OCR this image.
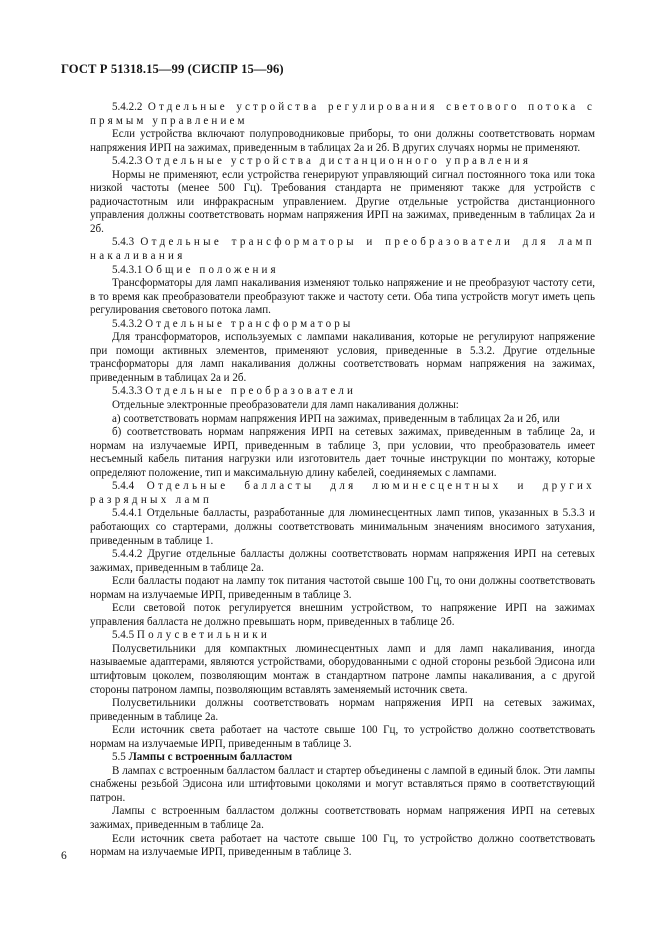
ГОСТ Р 51318.15—99 (СИСПР 15—96)

5.4.2.2 Отдельные устройства регулирования светового потока с прямым управлением

Если устройства включают полупроводниковые приборы, то они должны соответствовать нормам напряжения ИРП на зажимах, приведенным в таблицах 2а и 2б. В других случаях нормы не применяют.

5.4.2.3 Отдельные устройства дистанционного управления

Нормы не применяют, если устройства генерируют управляющий сигнал постоянного тока или тока низкой частоты (менее 500 Гц). Требования стандарта не применяют также для устройств с радиочастотным или инфракрасным управлением. Другие отдельные устройства дистанционного управления должны соответствовать нормам напряжения ИРП на зажимах, приведенным в таблицах 2а и 2б.

5.4.3 Отдельные трансформаторы и преобразователи для ламп накаливания

5.4.3.1 Общие положения

Трансформаторы для ламп накаливания изменяют только напряжение и не преобразуют частоту сети, в то время как преобразователи преобразуют также и частоту сети. Оба типа устройств могут иметь цепь регулирования светового потока ламп.

5.4.3.2 Отдельные трансформаторы

Для трансформаторов, используемых с лампами накаливания, которые не регулируют напряжение при помощи активных элементов, применяют условия, приведенные в 5.3.2. Другие отдельные трансформаторы для ламп накаливания должны соответствовать нормам напряжения на зажимах, приведенным в таблицах 2а и 2б.

5.4.3.3 Отдельные преобразователи

Отдельные электронные преобразователи для ламп накаливания должны:

а) соответствовать нормам напряжения ИРП на зажимах, приведенным в таблицах 2а и 2б, или

б) соответствовать нормам напряжения ИРП на сетевых зажимах, приведенным в таблице 2а, и нормам на излучаемые ИРП, приведенным в таблице 3, при условии, что преобразователь имеет несъемный кабель питания нагрузки или изготовитель дает точные инструкции по монтажу, которые определяют положение, тип и максимальную длину кабелей, соединяемых с лампами.

5.4.4 Отдельные балласты для люминесцентных и других разрядных ламп

5.4.4.1 Отдельные балласты, разработанные для люминесцентных ламп типов, указанных в 5.3.3 и работающих со стартерами, должны соответствовать минимальным значениям вносимого затухания, приведенным в таблице 1.

5.4.4.2 Другие отдельные балласты должны соответствовать нормам напряжения ИРП на сетевых зажимах, приведенным в таблице 2а.

Если балласты подают на лампу ток питания частотой свыше 100 Гц, то они должны соответствовать нормам на излучаемые ИРП, приведенным в таблице 3.

Если световой поток регулируется внешним устройством, то напряжение ИРП на зажимах управления балласта не должно превышать норм, приведенных в таблице 2б.

5.4.5 Полусветильники

Полусветильники для компактных люминесцентных ламп и для ламп накаливания, иногда называемые адаптерами, являются устройствами, оборудованными с одной стороны резьбой Эдисона или штифтовым цоколем, позволяющим монтаж в стандартном патроне лампы накаливания, а с другой стороны патроном лампы, позволяющим вставлять заменяемый источник света.

Полусветильники должны соответствовать нормам напряжения ИРП на сетевых зажимах, приведенным в таблице 2а.

Если источник света работает на частоте свыше 100 Гц, то устройство должно соответствовать нормам на излучаемые ИРП, приведенным в таблице 3.

5.5 Лампы с встроенным балластом

В лампах с встроенным балластом балласт и стартер объединены с лампой в единый блок. Эти лампы снабжены резьбой Эдисона или штифтовыми цоколями и могут вставляться прямо в соответствующий патрон.

Лампы с встроенным балластом должны соответствовать нормам напряжения ИРП на сетевых зажимах, приведенным в таблице 2а.

Если источник света работает на частоте свыше 100 Гц, то устройство должно соответствовать нормам на излучаемые ИРП, приведенным в таблице 3.

6
